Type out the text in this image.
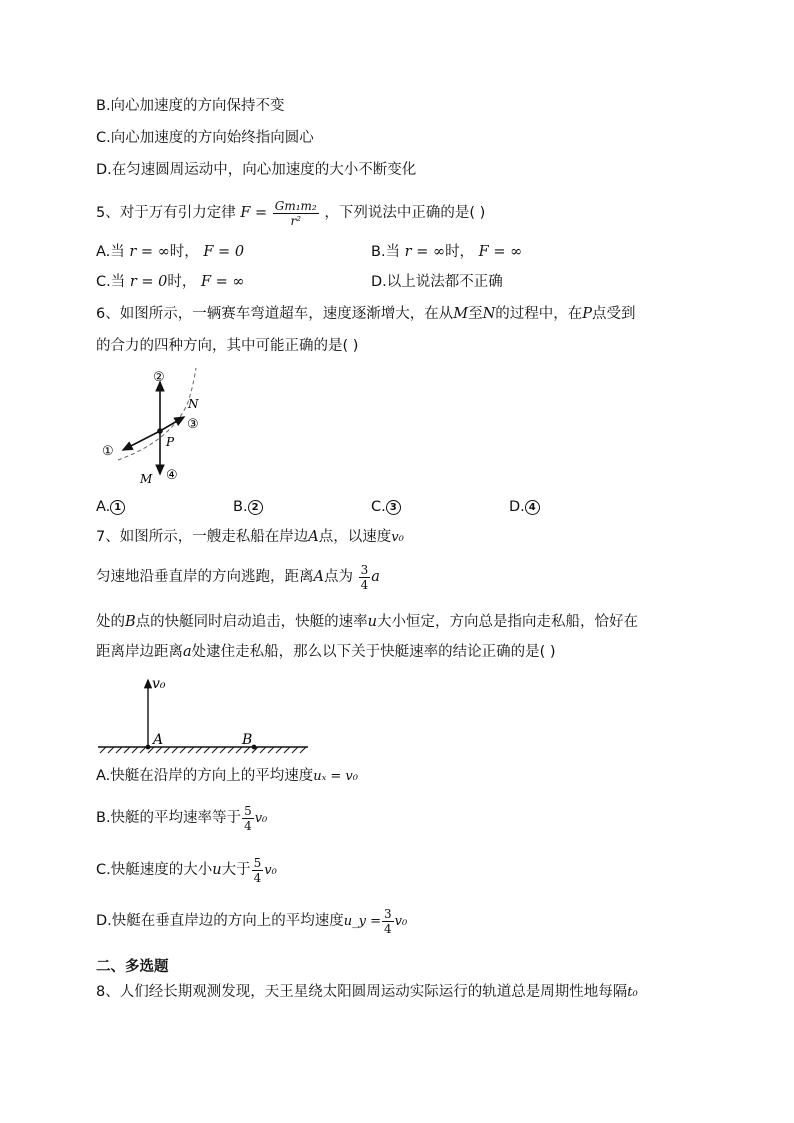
B.向心加速度的方向保持不变
C.向心加速度的方向始终指向圆心
D.在匀速圆周运动中，向心加速度的大小不断变化
5、对于万有引力定律 $F = \frac{\text{Gm₁m₂}}{\text{r²}}$ ，下列说法中正确的是( )
A.当 r = ∞时， F = 0	B.当 r = ∞时， F = ∞
C.当 r = 0时， F = ∞	D.以上说法都不正确
6、如图所示，一辆赛车弯道超车，速度逐渐增大，在从M至N的过程中，在P点受到
的合力的四种方向，其中可能正确的是( )
②
N
③
P
①
M ④
A. 1	B. 2	C. 3	D. 4
7、如图所示，一艘走私船在岸边A点，以速度v₀
匀速地沿垂直岸的方向逃跑，距离A点为 $\frac{3}{4}$ a
处的B点的快艇同时启动追击，快艇的速率u大小恒定，方向总是指向走私船，恰好在
距离岸边距离a处逮住走私船，那么以下关于快艇速率的结论正确的是( )
v₀
A	B
A.快艇在沿岸的方向上的平均速度uₓ = v₀
B.快艇的平均速率等于 $\frac{5}{4} v_0$
C.快艇速度的大小u大于 $\frac{5}{4} v_0$
D.快艇在垂直岸边的方向上的平均速度u_y = $\frac{3}{4} v_0$
二、多选题
8、人们经长期观测发现，天王星绕太阳圆周运动实际运行的轨道总是周期性地每隔t₀
